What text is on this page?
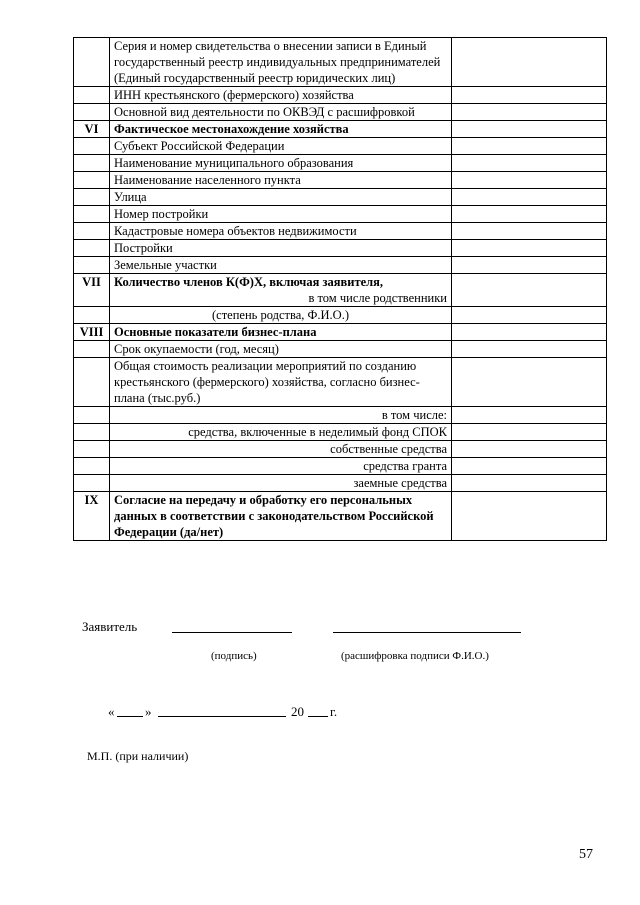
	Серия и номер свидетельства о внесении записи в Единый государственный реестр индивидуальных предпринимателей (Единый государственный реестр юридических лиц)	

	ИНН крестьянского (фермерского) хозяйства	

	Основной вид деятельности по ОКВЭД с расшифровкой	

VI	Фактическое местонахождение хозяйства	

	Субъект Российской Федерации	

	Наименование муниципального образования	

	Наименование населенного пункта	

	Улица	

	Номер постройки	

	Кадастровые номера объектов недвижимости	

	Постройки	

	Земельные участки	

VII	Количество членов К(Ф)Х, включая заявителя,
в том числе родственники	

	(степень родства, Ф.И.О.)	

VIII	Основные показатели бизнес-плана	

	Срок окупаемости (год, месяц)	

	Общая стоимость реализации мероприятий по созданию крестьянского (фермерского) хозяйства, согласно бизнес-плана (тыс.руб.)	

	в том числе:	

	средства, включенные в неделимый фонд СПОК	

	собственные средства	

	средства гранта	

	заемные средства	

IX	Согласие на передачу и обработку его персональных данных в соответствии с законодательством Российской Федерации (да/нет)	

Заявитель
(подпись)	(расшифровка подписи Ф.И.О.)
« »	20 г.
М.П. (при наличии)
57
